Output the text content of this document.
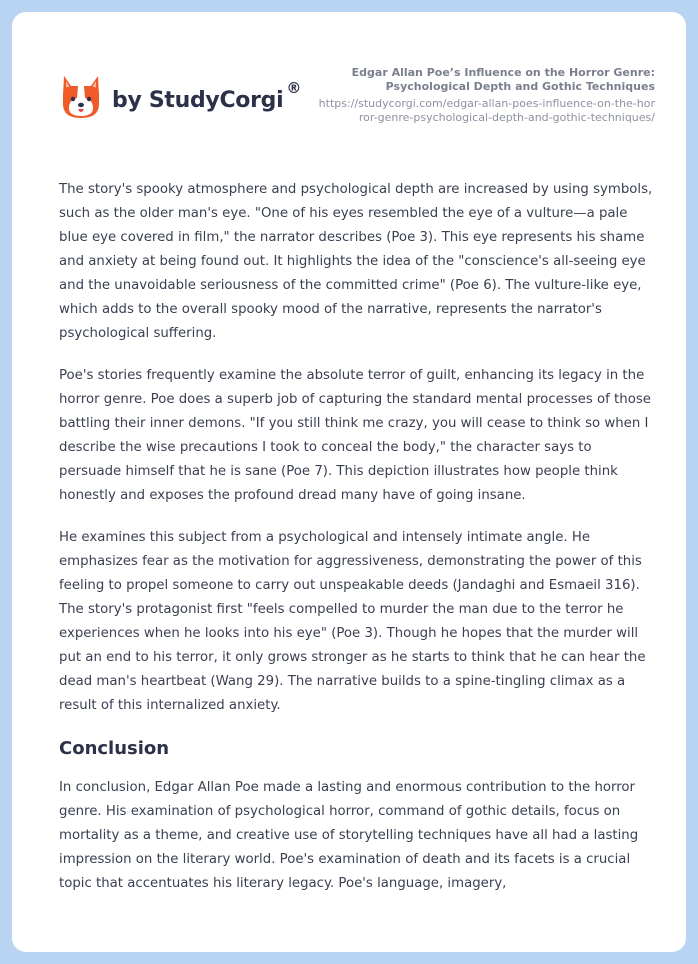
by StudyCorgi ®
Edgar Allan Poe’s Influence on the Horror Genre: Psychological Depth and Gothic Techniques
https://studycorgi.com/edgar-allan-poes-influence-on-the-horror-genre-psychological-depth-and-gothic-techniques/

The story's spooky atmosphere and psychological depth are increased by using symbols, such as the older man's eye. "One of his eyes resembled the eye of a vulture—a pale blue eye covered in film," the narrator describes (Poe 3). This eye represents his shame and anxiety at being found out. It highlights the idea of the "conscience's all-seeing eye and the unavoidable seriousness of the committed crime" (Poe 6). The vulture-like eye, which adds to the overall spooky mood of the narrative, represents the narrator's psychological suffering.

Poe's stories frequently examine the absolute terror of guilt, enhancing its legacy in the horror genre. Poe does a superb job of capturing the standard mental processes of those battling their inner demons. "If you still think me crazy, you will cease to think so when I describe the wise precautions I took to conceal the body," the character says to persuade himself that he is sane (Poe 7). This depiction illustrates how people think honestly and exposes the profound dread many have of going insane.

He examines this subject from a psychological and intensely intimate angle. He emphasizes fear as the motivation for aggressiveness, demonstrating the power of this feeling to propel someone to carry out unspeakable deeds (Jandaghi and Esmaeil 316). The story's protagonist first "feels compelled to murder the man due to the terror he experiences when he looks into his eye" (Poe 3). Though he hopes that the murder will put an end to his terror, it only grows stronger as he starts to think that he can hear the dead man's heartbeat (Wang 29). The narrative builds to a spine-tingling climax as a result of this internalized anxiety.

Conclusion

In conclusion, Edgar Allan Poe made a lasting and enormous contribution to the horror genre. His examination of psychological horror, command of gothic details, focus on mortality as a theme, and creative use of storytelling techniques have all had a lasting impression on the literary world. Poe's examination of death and its facets is a crucial topic that accentuates his literary legacy. Poe's language, imagery,
